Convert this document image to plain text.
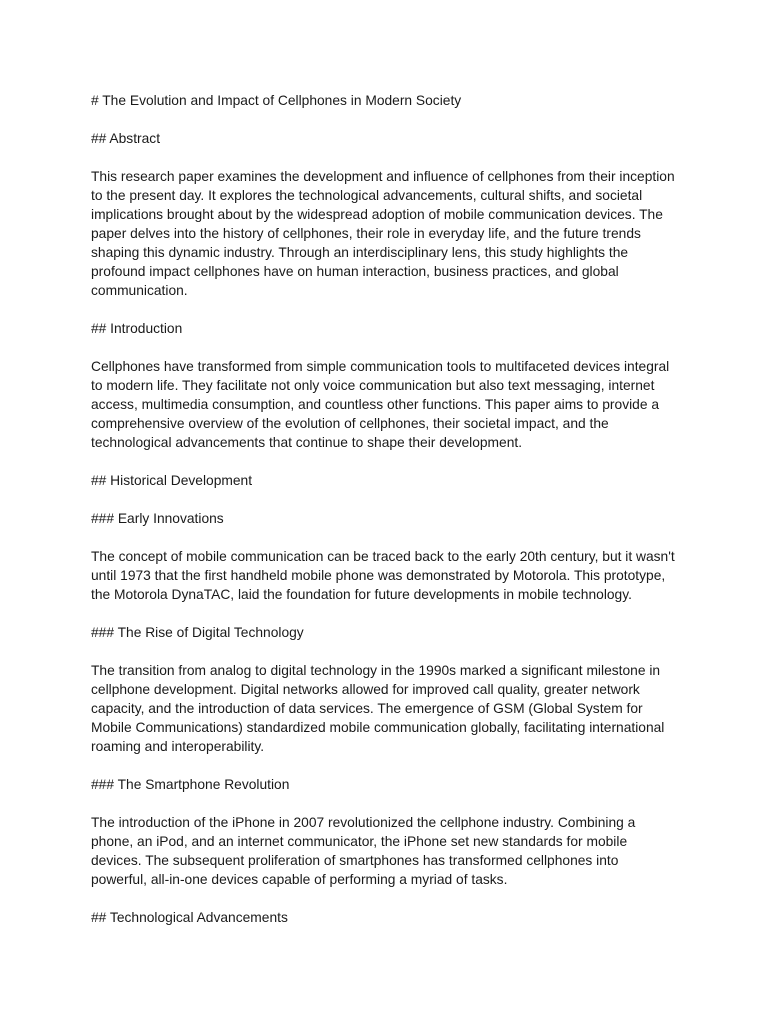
# The Evolution and Impact of Cellphones in Modern Society

## Abstract

This research paper examines the development and influence of cellphones from their inception

to the present day. It explores the technological advancements, cultural shifts, and societal

implications brought about by the widespread adoption of mobile communication devices. The

paper delves into the history of cellphones, their role in everyday life, and the future trends

shaping this dynamic industry. Through an interdisciplinary lens, this study highlights the

profound impact cellphones have on human interaction, business practices, and global

communication.

## Introduction

Cellphones have transformed from simple communication tools to multifaceted devices integral

to modern life. They facilitate not only voice communication but also text messaging, internet

access, multimedia consumption, and countless other functions. This paper aims to provide a

comprehensive overview of the evolution of cellphones, their societal impact, and the

technological advancements that continue to shape their development.

## Historical Development

### Early Innovations

The concept of mobile communication can be traced back to the early 20th century, but it wasn't

until 1973 that the first handheld mobile phone was demonstrated by Motorola. This prototype,

the Motorola DynaTAC, laid the foundation for future developments in mobile technology.

### The Rise of Digital Technology

The transition from analog to digital technology in the 1990s marked a significant milestone in

cellphone development. Digital networks allowed for improved call quality, greater network

capacity, and the introduction of data services. The emergence of GSM (Global System for

Mobile Communications) standardized mobile communication globally, facilitating international

roaming and interoperability.

### The Smartphone Revolution

The introduction of the iPhone in 2007 revolutionized the cellphone industry. Combining a

phone, an iPod, and an internet communicator, the iPhone set new standards for mobile

devices. The subsequent proliferation of smartphones has transformed cellphones into

powerful, all-in-one devices capable of performing a myriad of tasks.

## Technological Advancements
